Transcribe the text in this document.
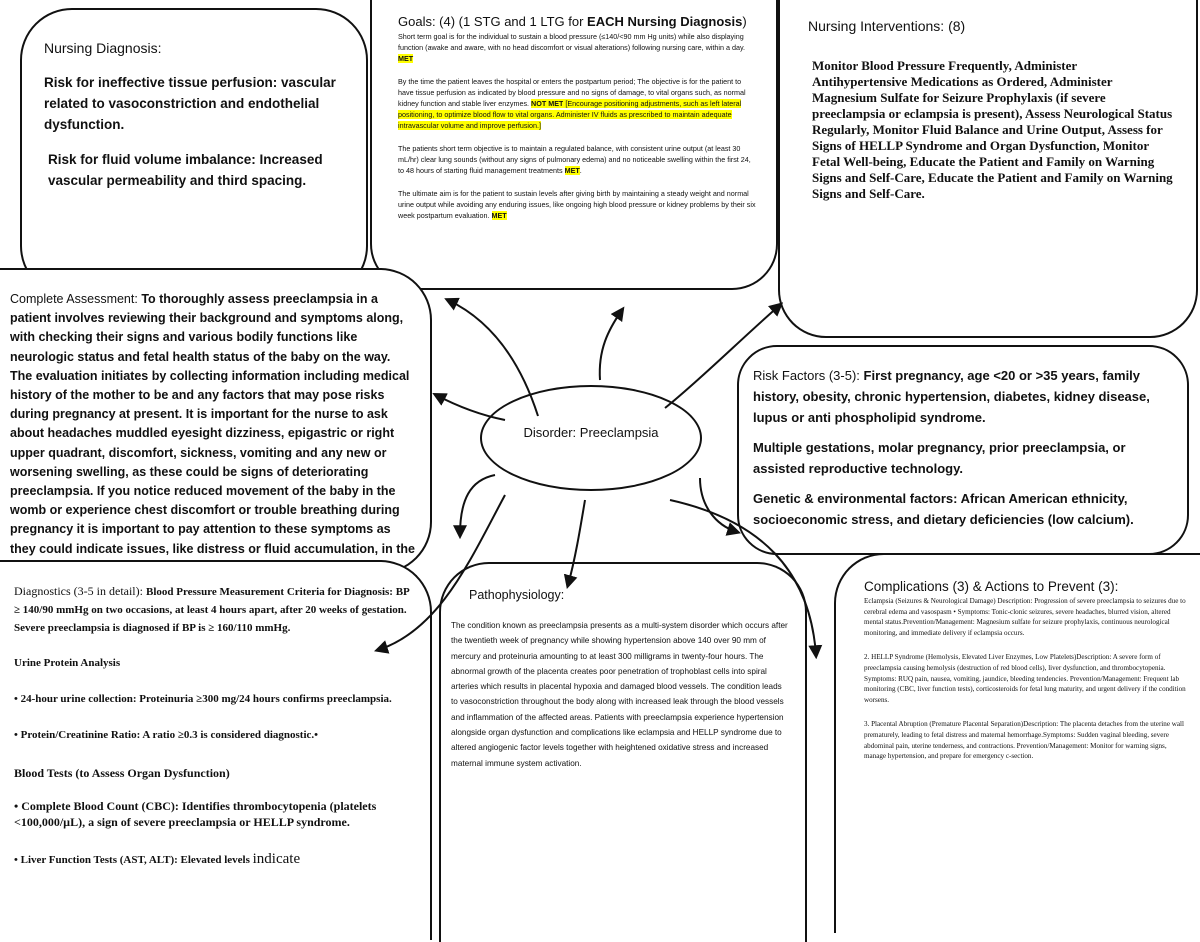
Nursing Diagnosis:

Risk for ineffective tissue perfusion: vascular related to vasoconstriction and endothelial dysfunction.

Risk for fluid volume imbalance: Increased vascular permeability and third spacing.

Goals: (4) (1 STG and 1 LTG for EACH Nursing Diagnosis)

Short term goal is for the individual to sustain a blood pressure (≤140/<90 mm Hg units) while also displaying function (awake and aware, with no head discomfort or visual alterations) following nursing care, within a day. MET

By the time the patient leaves the hospital or enters the postpartum period; The objective is for the patient to have tissue perfusion as indicated by blood pressure and no signs of damage, to vital organs such, as normal kidney function and stable liver enzymes. NOT MET [Encourage positioning adjustments, such as left lateral positioning, to optimize blood flow to vital organs. Administer IV fluids as prescribed to maintain adequate intravascular volume and improve perfusion.]

The patients short term objective is to maintain a regulated balance, with consistent urine output (at least 30 mL/hr) clear lung sounds (without any signs of pulmonary edema) and no noticeable swelling within the first 24, to 48 hours of starting fluid management treatments MET.

The ultimate aim is for the patient to sustain levels after giving birth by maintaining a steady weight and normal urine output while avoiding any enduring issues, like ongoing high blood pressure or kidney problems by their six week postpartum evaluation. MET

Nursing Interventions: (8)

Monitor Blood Pressure Frequently, Administer Antihypertensive Medications as Ordered, Administer Magnesium Sulfate for Seizure Prophylaxis (if severe preeclampsia or eclampsia is present), Assess Neurological Status Regularly, Monitor Fluid Balance and Urine Output, Assess for Signs of HELLP Syndrome and Organ Dysfunction, Monitor Fetal Well-being, Educate the Patient and Family on Warning Signs and Self-Care, Educate the Patient and Family on Warning Signs and Self-Care.

Complete Assessment: To thoroughly assess preeclampsia in a patient involves reviewing their background and symptoms along, with checking their signs and various bodily functions like neurologic status and fetal health status of the baby on the way. The evaluation initiates by collecting information including medical history of the mother to be and any factors that may pose risks during pregnancy at present. It is important for the nurse to ask about headaches muddled eyesight dizziness, epigastric or right upper quadrant, discomfort, sickness, vomiting and any new or worsening swelling, as these could be signs of deteriorating preeclampsia. If you notice reduced movement of the baby in the womb or experience chest discomfort or trouble breathing during pregnancy it is important to pay attention to these symptoms as they could indicate issues, like distress or fluid accumulation, in the

Risk Factors (3-5): First pregnancy, age <20 or >35 years, family history, obesity, chronic hypertension, diabetes, kidney disease, lupus or anti phospholipid syndrome.

Multiple gestations, molar pregnancy, prior preeclampsia, or assisted reproductive technology.

Genetic & environmental factors: African American ethnicity, socioeconomic stress, and dietary deficiencies (low calcium).

Disorder: Preeclampsia

Diagnostics (3-5 in detail): Blood Pressure Measurement Criteria for Diagnosis: BP ≥ 140/90 mmHg on two occasions, at least 4 hours apart, after 20 weeks of gestation. Severe preeclampsia is diagnosed if BP is ≥ 160/110 mmHg.

Urine Protein Analysis

• 24-hour urine collection: Proteinuria ≥300 mg/24 hours confirms preeclampsia.

• Protein/Creatinine Ratio: A ratio ≥0.3 is considered diagnostic.•

Blood Tests (to Assess Organ Dysfunction)

• Complete Blood Count (CBC): Identifies thrombocytopenia (platelets <100,000/µL), a sign of severe preeclampsia or HELLP syndrome.

• Liver Function Tests (AST, ALT): Elevated levels indicate

Pathophysiology:

The condition known as preeclampsia presents as a multi-system disorder which occurs after the twentieth week of pregnancy while showing hypertension above 140 over 90 mm of mercury and proteinuria amounting to at least 300 milligrams in twenty-four hours. The abnormal growth of the placenta creates poor penetration of trophoblast cells into spiral arteries which results in placental hypoxia and damaged blood vessels. The condition leads to vasoconstriction throughout the body along with increased leak through the blood vessels and inflammation of the affected areas. Patients with preeclampsia experience hypertension alongside organ dysfunction and complications like eclampsia and HELLP syndrome due to altered angiogenic factor levels together with heightened oxidative stress and increased maternal immune system activation.

Complications (3) & Actions to Prevent (3):

Eclampsia (Seizures & Neurological Damage) Description: Progression of severe preeclampsia to seizures due to cerebral edema and vasospasm • Symptoms: Tonic-clonic seizures, severe headaches, blurred vision, altered mental status.Prevention/Management: Magnesium sulfate for seizure prophylaxis, continuous neurological monitoring, and immediate delivery if eclampsia occurs.

2. HELLP Syndrome (Hemolysis, Elevated Liver Enzymes, Low Platelets)Description: A severe form of preeclampsia causing hemolysis (destruction of red blood cells), liver dysfunction, and thrombocytopenia. Symptoms: RUQ pain, nausea, vomiting, jaundice, bleeding tendencies. Prevention/Management: Frequent lab monitoring (CBC, liver function tests), corticosteroids for fetal lung maturity, and urgent delivery if the condition worsens.

3. Placental Abruption (Premature Placental Separation)Description: The placenta detaches from the uterine wall prematurely, leading to fetal distress and maternal hemorrhage.Symptoms: Sudden vaginal bleeding, severe abdominal pain, uterine tenderness, and contractions. Prevention/Management: Monitor for warning signs, manage hypertension, and prepare for emergency c-section.
